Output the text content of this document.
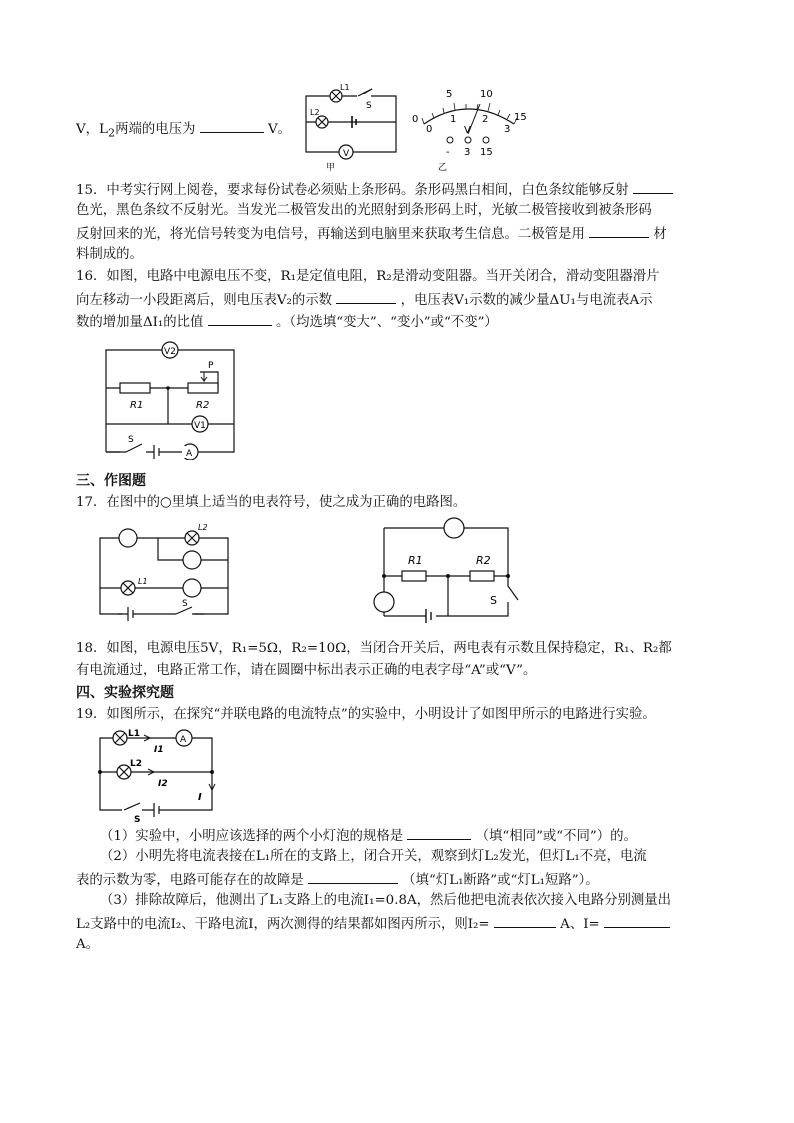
V，$L_2$两端的电压为	V。
L1
L2
S
V
甲
5	10
15
0
0
1	2
3
V
- 3 15
乙
15．中考实行网上阅卷，要求每份试卷必须贴上条形码。条形码黑白相间，白色条纹能够反射
色光，黑色条纹不反射光。当发光二极管发出的光照射到条形码上时，光敏二极管接收到被条形码
反射回来的光，将光信号转变为电信号，再输送到电脑里来获取考生信息。二极管是用	材
料制成的。
16．如图，电路中电源电压不变，R₁是定值电阻，R₂是滑动变阻器。当开关闭合，滑动变阻器滑片
向左移动一小段距离后，则电压表V₂的示数	，电压表V₁示数的减少量ΔU₁与电流表A示
数的增加量ΔI₁的比值	。（均选填“变大”、“变小”或“不变”）
V2
P
R1	R2
V1
S
A
三、作图题
17．在图中的○里填上适当的电表符号，使之成为正确的电路图。
L2
L1
S
R1	R2
S
18．如图，电源电压5V，R₁=5Ω，R₂=10Ω，当闭合开关后，两电表有示数且保持稳定，R₁、R₂都
有电流通过，电路正常工作，请在圆圈中标出表示正确的电表字母“A”或“V”。
四、实验探究题
19．如图所示，在探究“并联电路的电流特点”的实验中，小明设计了如图甲所示的电路进行实验。
L1
A
I1
L2
I2
I
S
（1）实验中，小明应该选择的两个小灯泡的规格是	（填“相同”或“不同”）的。
（2）小明先将电流表接在L₁所在的支路上，闭合开关，观察到灯L₂发光，但灯L₁不亮，电流
表的示数为零，电路可能存在的故障是	（填“灯L₁断路”或“灯L₁短路”）。
（3）排除故障后，他测出了L₁支路上的电流I₁=0.8A，然后他把电流表依次接入电路分别测量出
L₂支路中的电流I₂、干路电流I，两次测得的结果都如图丙所示，则I₂=	A、I=
A。
